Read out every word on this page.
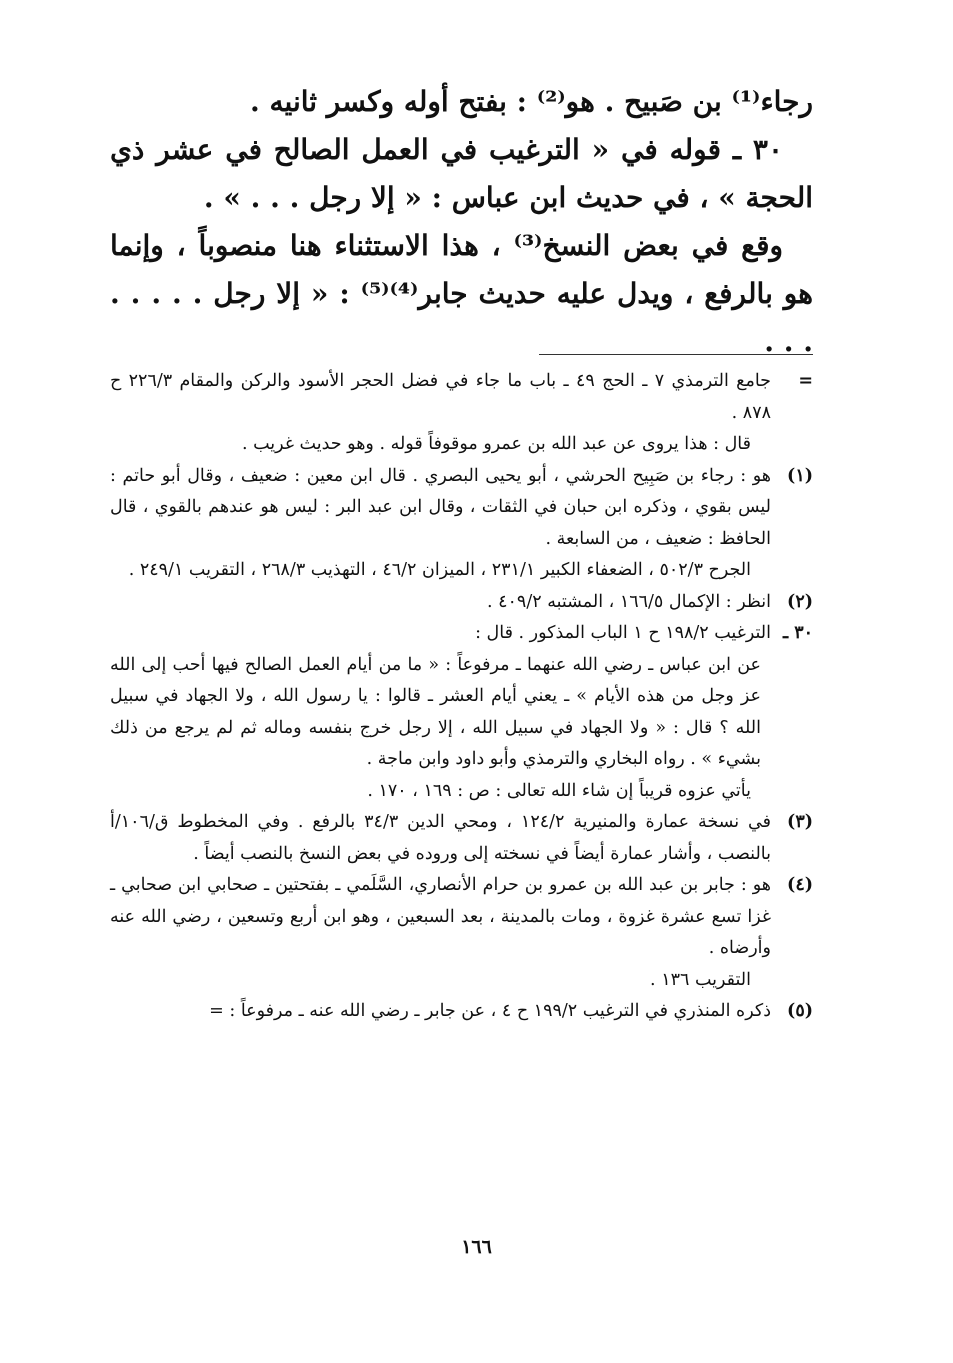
رجاء⁽¹⁾ بن صَبيح . هو⁽²⁾ : بفتح أوله وكسر ثانيه .

٣٠ ـ قوله في « الترغيب في العمل الصالح في عشر ذي الحجة » ، في حديث ابن عباس : « إلا رجل . . . » .

وقع في بعض النسخ⁽³⁾ ، هذا الاستثناء هنا منصوباً ، وإنما هو بالرفع ، ويدل عليه حديث جابر⁽⁴⁾⁽⁵⁾ : « إلا رجل . . . . . . . .

=

جامع الترمذي ٧ ـ الحج ٤٩ ـ باب ما جاء في فضل الحجر الأسود والركن والمقام ٢٢٦/٣ ح ٨٧٨ .

قال : هذا يروى عن عبد الله بن عمرو موقوفاً قوله . وهو حديث غريب .

(١)

هو : رجاء بن صَبِيح الحرشي ، أبو يحيى البصري . قال ابن معين : ضعيف ، وقال أبو حاتم : ليس بقوي ، وذكره ابن حبان في الثقات ، وقال ابن عبد البر : ليس هو عندهم بالقوي ، قال الحافظ : ضعيف ، من السابعة .

الجرح ٥٠٢/٣ ، الضعفاء الكبير ٢٣١/١ ، الميزان ٤٦/٢ ، التهذيب ٢٦٨/٣ ، التقريب ٢٤٩/١ .

(٢)

انظر : الإكمال ١٦٦/٥ ، المشتبه ٤٠٩/٢ .

٣٠ ـ

الترغيب ١٩٨/٢ ح ١ الباب المذكور . قال :

عن ابن عباس ـ رضي الله عنهما ـ مرفوعاً : « ما من أيام العمل الصالح فيها أحب إلى الله عز وجل من هذه الأيام » ـ يعني أيام العشر ـ قالوا : يا رسول الله ، ولا الجهاد في سبيل الله ؟ قال : « ولا الجهاد في سبيل الله ، إلا رجل خرج بنفسه وماله ثم لم يرجع من ذلك بشيء » . رواه البخاري والترمذي وأبو داود وابن ماجة .

يأتي عزوه قريباً إن شاء الله تعالى : ص : ١٦٩ ، ١٧٠ .

(٣)

في نسخة عمارة والمنيرية ١٢٤/٢ ، ومحي الدين ٣٤/٣ بالرفع . وفي المخطوط ق/١٠٦/أ بالنصب ، وأشار عمارة أيضاً في نسخته إلى وروده في بعض النسخ بالنصب أيضاً .

(٤)

هو : جابر بن عبد الله بن عمرو بن حرام الأنصاري، السَّلَمي ـ بفتحتين ـ صحابي ابن صحابي ـ غزا تسع عشرة غزوة ، ومات بالمدينة ، بعد السبعين ، وهو ابن أربع وتسعين ، رضي الله عنه وأرضاه .

التقريب ١٣٦ .

(٥)

ذكره المنذري في الترغيب ١٩٩/٢ ح ٤ ، عن جابر ـ رضي الله عنه ـ مرفوعاً : =

١٦٦
